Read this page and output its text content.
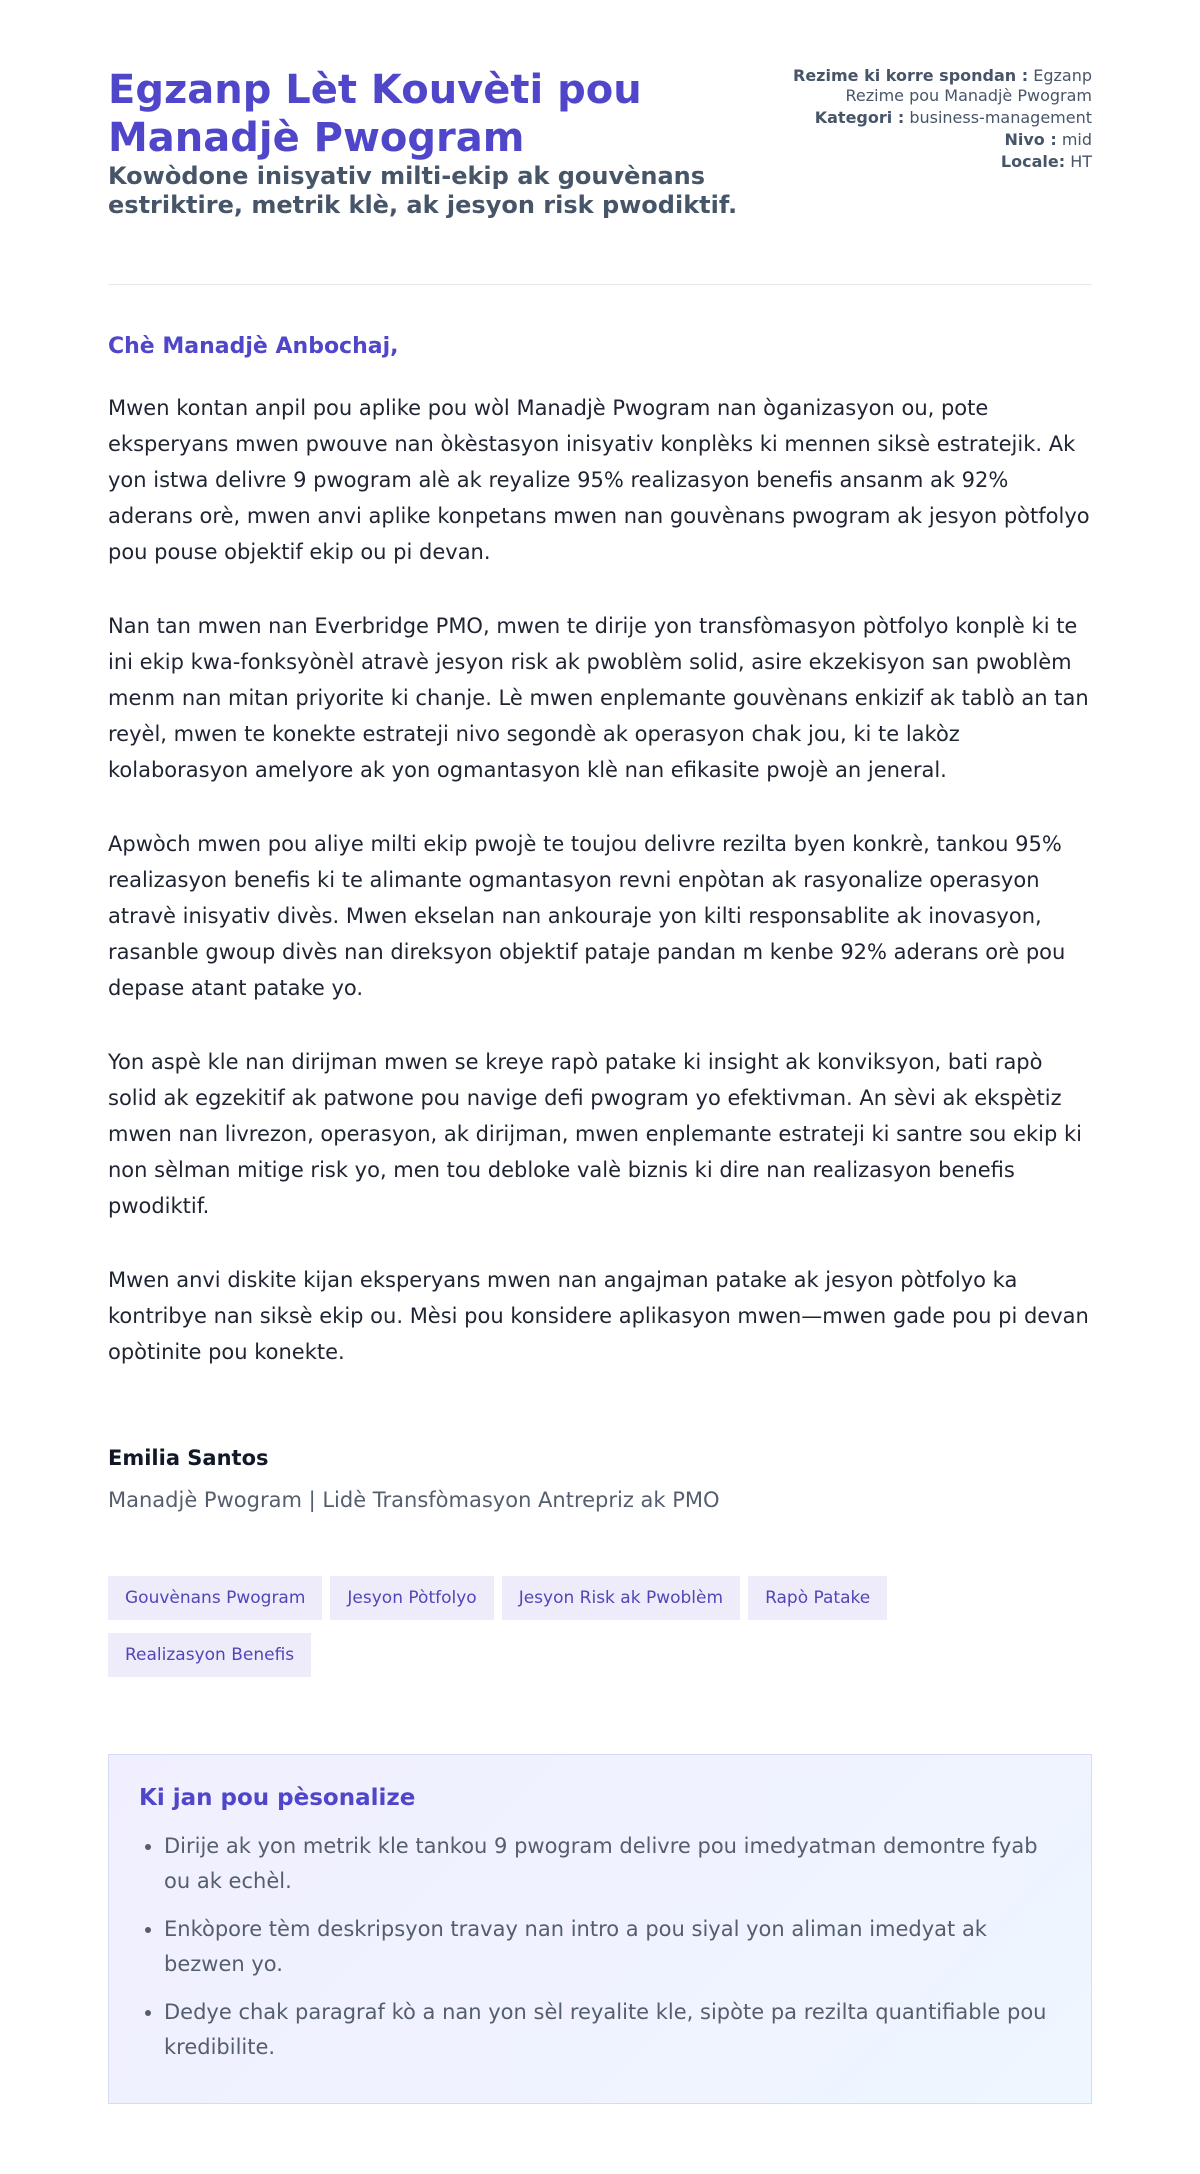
Egzanp Lèt Kouvèti pou Manadjè Pwogram
Kowòdone inisyativ milti-ekip ak gouvènans estriktire, metrik klè, ak jesyon risk pwodiktif.
Rezime ki korre spondan : Egzanp Rezime pou Manadjè Pwogram
Kategori : business-management
Nivo : mid
Locale: HT
Chè Manadjè Anbochaj,

Mwen kontan anpil pou aplike pou wòl Manadjè Pwogram nan òganizasyon ou, pote eksperyans mwen pwouve nan òkèstasyon inisyativ konplèks ki mennen siksè estratejik. Ak yon istwa delivre 9 pwogram alè ak reyalize 95% realizasyon benefis ansanm ak 92% aderans orè, mwen anvi aplike konpetans mwen nan gouvènans pwogram ak jesyon pòtfolyo pou pouse objektif ekip ou pi devan.

Nan tan mwen nan Everbridge PMO, mwen te dirije yon transfòmasyon pòtfolyo konplè ki te ini ekip kwa-fonksyònèl atravè jesyon risk ak pwoblèm solid, asire ekzekisyon san pwoblèm menm nan mitan priyorite ki chanje. Lè mwen enplemante gouvènans enkizif ak tablò an tan reyèl, mwen te konekte estrateji nivo segondè ak operasyon chak jou, ki te lakòz kolaborasyon amelyore ak yon ogmantasyon klè nan efikasite pwojè an jeneral.

Apwòch mwen pou aliye milti ekip pwojè te toujou delivre rezilta byen konkrè, tankou 95% realizasyon benefis ki te alimante ogmantasyon revni enpòtan ak rasyonalize operasyon atravè inisyativ divès. Mwen ekselan nan ankouraje yon kilti responsablite ak inovasyon, rasanble gwoup divès nan direksyon objektif pataje pandan m kenbe 92% aderans orè pou depase atant patake yo.

Yon aspè kle nan dirijman mwen se kreye rapò patake ki insight ak konviksyon, bati rapò solid ak egzekitif ak patwone pou navige defi pwogram yo efektivman. An sèvi ak ekspètiz mwen nan livrezon, operasyon, ak dirijman, mwen enplemante estrateji ki santre sou ekip ki non sèlman mitige risk yo, men tou debloke valè biznis ki dire nan realizasyon benefis pwodiktif.

Mwen anvi diskite kijan eksperyans mwen nan angajman patake ak jesyon pòtfolyo ka kontribye nan siksè ekip ou. Mèsi pou konsidere aplikasyon mwen—mwen gade pou pi devan opòtinite pou konekte.

Emilia Santos
Manadjè Pwogram | Lidè Transfòmasyon Antrepriz ak PMO
Gouvènans Pwogram Jesyon Pòtfolyo Jesyon Risk ak Pwoblèm Rapò PatakeRealizasyon Benefis
Ki jan pou pèsonalize
• Dirije ak yon metrik kle tankou 9 pwogram delivre pou imedyatman demontre fyab ou ak echèl.
• Enkòpore tèm deskripsyon travay nan intro a pou siyal yon aliman imedyat ak bezwen yo.
• Dedye chak paragraf kò a nan yon sèl reyalite kle, sipòte pa rezilta quantifiable pou kredibilite.
